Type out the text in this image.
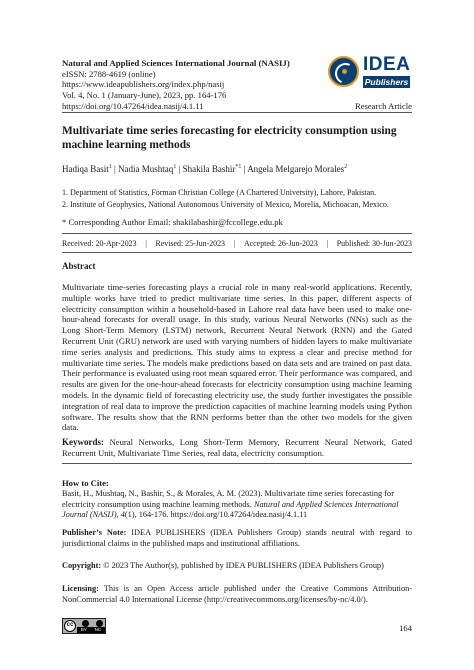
Natural and Applied Sciences International Journal (NASIJ)
eISSN: 2788-4619 (online)
https://www.ideapublishers.org/index.php/nasij
Vol. 4, No. 1 (January-June), 2023, pp. 164-176
https://doi.org/10.47264/idea.nasij/4.1.11
IDEA
Publishers
Research Article
Multivariate time series forecasting for electricity consumption using machine learning methods
Hadiqa Basit$^1$ | Nadia Mushtaq$^1$ | Shakila Bashir$^{*1}$ | Angela Melgarejo Morales$^2$
1. Department of Statistics, Forman Christian College (A Chartered University), Lahore, Pakistan.
2. Institute of Geophysics, National Autonomous University of Mexico, Morelia, Michoacan, Mexico.
* Corresponding Author Email: shakilabashir@fccollege.edu.pk
Received: 20-Apr-2023 | Revised: 25-Jun-2023 | Accepted: 26-Jun-2023 | Published: 30-Jun-2023
Abstract
Multivariate time-series forecasting plays a crucial role in many real-world applications. Recently, multiple works have tried to predict multivariate time series. In this paper, different aspects of electricity consumption within a household-based in Lahore real data have been used to make one-hour-ahead forecasts for overall usage. In this study, various Neural Networks (NNs) such as the Long Short-Term Memory (LSTM) network, Recurrent Neural Network (RNN) and the Gated Recurrent Unit (GRU) network are used with varying numbers of hidden layers to make multivariate time series analysis and predictions. This study aims to express a clear and precise method for multivariate time series. The models make predictions based on data sets and are trained on past data. Their performance is evaluated using root mean squared error. Their performance was compared, and results are given for the one-hour-ahead forecasts for electricity consumption using machine learning models. In the dynamic field of forecasting electricity use, the study further investigates the possible integration of real data to improve the prediction capacities of machine learning models using Python software. The results show that the RNN performs better than the other two models for the given data.
Keywords: Neural Networks, Long Short-Term Memory, Recurrent Neural Network, Gated Recurrent Unit, Multivariate Time Series, real data, electricity consumption.
How to Cite:
Basit, H., Mushtaq, N., Bashir, S., & Morales, A. M. (2023). Multivariate time series forecasting for electricity consumption using machine learning methods. Natural and Applied Sciences International Journal (NASIJ), 4(1), 164-176. https://doi.org/10.47264/idea.nasij/4.1.11
Publisher’s Note: IDEA PUBLISHERS (IDEA Publishers Group) stands neutral with regard to jurisdictional claims in the published maps and institutional affiliations.
Copyright: © 2023 The Author(s), published by IDEA PUBLISHERS (IDEA Publishers Group)
Licensing: This is an Open Access article published under the Creative Commons Attribution-NonCommercial 4.0 International License (http://creativecommons.org/licenses/by-nc/4.0/).
cc
BY NC	164
